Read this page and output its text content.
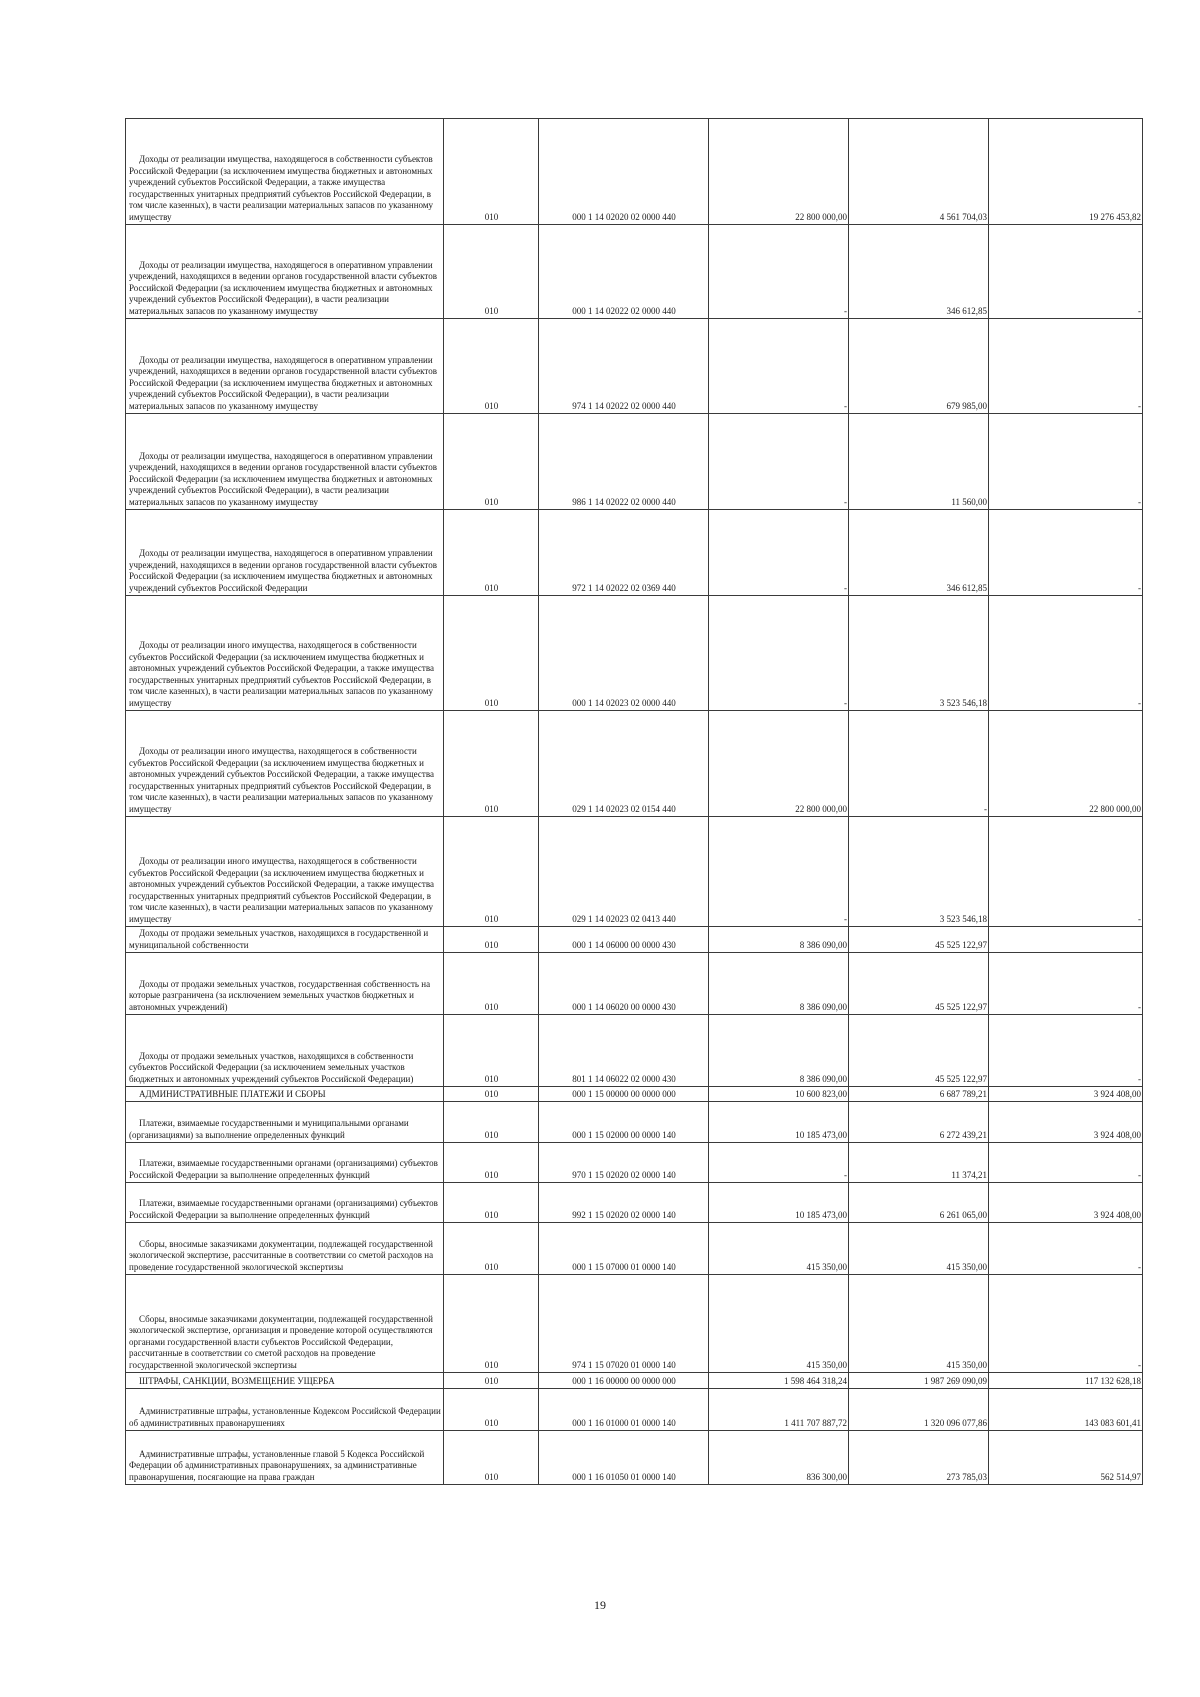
Доходы от реализации имущества, находящегося в собственности субъектов Российской Федерации (за исключением имущества бюджетных и автономных учреждений субъектов Российской Федерации, а также имущества государственных унитарных предприятий субъектов Российской Федерации, в том числе казенных), в части реализации материальных запасов по указанному имуществу	010	000 1 14 02020 02 0000 440	22 800 000,00	4 561 704,03	19 276 453,82
Доходы от реализации имущества, находящегося в оперативном управлении учреждений, находящихся в ведении органов государственной власти субъектов Российской Федерации (за исключением имущества бюджетных и автономных учреждений субъектов Российской Федерации), в части реализации материальных запасов по указанному имуществу	010	000 1 14 02022 02 0000 440	-	346 612,85	-
Доходы от реализации имущества, находящегося в оперативном управлении учреждений, находящихся в ведении органов государственной власти субъектов Российской Федерации (за исключением имущества бюджетных и автономных учреждений субъектов Российской Федерации), в части реализации материальных запасов по указанному имуществу	010	974 1 14 02022 02 0000 440	-	679 985,00	-
Доходы от реализации имущества, находящегося в оперативном управлении учреждений, находящихся в ведении органов государственной власти субъектов Российской Федерации (за исключением имущества бюджетных и автономных учреждений субъектов Российской Федерации), в части реализации материальных запасов по указанному имуществу	010	986 1 14 02022 02 0000 440	-	11 560,00	-
Доходы от реализации имущества, находящегося в оперативном управлении учреждений, находящихся в ведении органов государственной власти субъектов Российской Федерации (за исключением имущества бюджетных и автономных учреждений субъектов Российской Федерации	010	972 1 14 02022 02 0369 440	-	346 612,85	-
Доходы от реализации иного имущества, находящегося в собственности субъектов Российской Федерации (за исключением имущества бюджетных и автономных учреждений субъектов Российской Федерации, а также имущества государственных унитарных предприятий субъектов Российской Федерации, в том числе казенных), в части реализации материальных запасов по указанному имуществу	010	000 1 14 02023 02 0000 440	-	3 523 546,18	-
Доходы от реализации иного имущества, находящегося в собственности субъектов Российской Федерации (за исключением имущества бюджетных и автономных учреждений субъектов Российской Федерации, а также имущества государственных унитарных предприятий субъектов Российской Федерации, в том числе казенных), в части реализации материальных запасов по указанному имуществу	010	029 1 14 02023 02 0154 440	22 800 000,00	-	22 800 000,00
Доходы от реализации иного имущества, находящегося в собственности субъектов Российской Федерации (за исключением имущества бюджетных и автономных учреждений субъектов Российской Федерации, а также имущества государственных унитарных предприятий субъектов Российской Федерации, в том числе казенных), в части реализации материальных запасов по указанному имуществу	010	029 1 14 02023 02 0413 440	-	3 523 546,18	-
Доходы от продажи земельных участков, находящихся в государственной и муниципальной собственности	010	000 1 14 06000 00 0000 430	8 386 090,00	45 525 122,97	
Доходы от продажи земельных участков, государственная собственность на которые разграничена (за исключением земельных участков бюджетных и автономных учреждений)	010	000 1 14 06020 00 0000 430	8 386 090,00	45 525 122,97	-
Доходы от продажи земельных участков, находящихся в собственности субъектов Российской Федерации (за исключением земельных участков бюджетных и автономных учреждений субъектов Российской Федерации)	010	801 1 14 06022 02 0000 430	8 386 090,00	45 525 122,97	-
АДМИНИСТРАТИВНЫЕ ПЛАТЕЖИ И СБОРЫ	010	000 1 15 00000 00 0000 000	10 600 823,00	6 687 789,21	3 924 408,00
Платежи, взимаемые государственными и муниципальными органами (организациями) за выполнение определенных функций	010	000 1 15 02000 00 0000 140	10 185 473,00	6 272 439,21	3 924 408,00
Платежи, взимаемые государственными органами (организациями) субъектов Российской Федерации за выполнение определенных функций	010	970 1 15 02020 02 0000 140	-	11 374,21	-
Платежи, взимаемые государственными органами (организациями) субъектов Российской Федерации за выполнение определенных функций	010	992 1 15 02020 02 0000 140	10 185 473,00	6 261 065,00	3 924 408,00
Сборы, вносимые заказчиками документации, подлежащей государственной экологической экспертизе, рассчитанные в соответствии со сметой расходов на проведение государственной экологической экспертизы	010	000 1 15 07000 01 0000 140	415 350,00	415 350,00	-
Сборы, вносимые заказчиками документации, подлежащей государственной экологической экспертизе, организация и проведение которой осуществляются органами государственной власти субъектов Российской Федерации, рассчитанные в соответствии со сметой расходов на проведение государственной экологической экспертизы	010	974 1 15 07020 01 0000 140	415 350,00	415 350,00	-
ШТРАФЫ, САНКЦИИ, ВОЗМЕЩЕНИЕ УЩЕРБА	010	000 1 16 00000 00 0000 000	1 598 464 318,24	1 987 269 090,09	117 132 628,18
Административные штрафы, установленные Кодексом Российской Федерации об административных правонарушениях	010	000 1 16 01000 01 0000 140	1 411 707 887,72	1 320 096 077,86	143 083 601,41
Административные штрафы, установленные главой 5 Кодекса Российской Федерации об административных правонарушениях, за административные правонарушения, посягающие на права граждан	010	000 1 16 01050 01 0000 140	836 300,00	273 785,03	562 514,97
19
